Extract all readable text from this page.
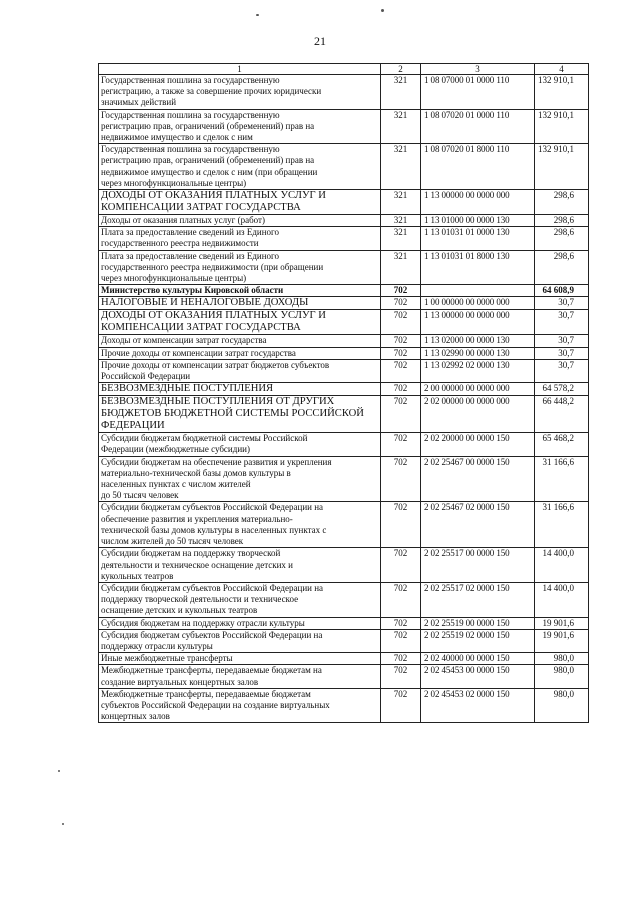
21
1	2	3	4
Государственная пошлина за государственную
регистрацию, а также за совершение прочих юридически
значимых действий	321	1 08 07000 01 0000 110	132 910,1
Государственная пошлина за государственную
регистрацию прав, ограничений (обременений) прав на
недвижимое имущество и сделок с ним	321	1 08 07020 01 0000 110	132 910,1
Государственная пошлина за государственную
регистрацию прав, ограничений (обременений) прав на
недвижимое имущество и сделок с ним (при обращении
через многофункциональные центры)	321	1 08 07020 01 8000 110	132 910,1
ДОХОДЫ ОТ ОКАЗАНИЯ ПЛАТНЫХ УСЛУГ И
КОМПЕНСАЦИИ ЗАТРАТ ГОСУДАРСТВА	321	1 13 00000 00 0000 000	298,6
Доходы от оказания платных услуг (работ)	321	1 13 01000 00 0000 130	298,6
Плата за предоставление сведений из Единого
государственного реестра недвижимости	321	1 13 01031 01 0000 130	298,6
Плата за предоставление сведений из Единого
государственного реестра недвижимости (при обращении
через многофункциональные центры)	321	1 13 01031 01 8000 130	298,6
Министерство культуры Кировской области	702		64 608,9
НАЛОГОВЫЕ И НЕНАЛОГОВЫЕ ДОХОДЫ	702	1 00 00000 00 0000 000	30,7
ДОХОДЫ ОТ ОКАЗАНИЯ ПЛАТНЫХ УСЛУГ И
КОМПЕНСАЦИИ ЗАТРАТ ГОСУДАРСТВА	702	1 13 00000 00 0000 000	30,7
Доходы от компенсации затрат государства	702	1 13 02000 00 0000 130	30,7
Прочие доходы от компенсации затрат государства	702	1 13 02990 00 0000 130	30,7
Прочие доходы от компенсации затрат бюджетов субъектов
Российской Федерации	702	1 13 02992 02 0000 130	30,7
БЕЗВОЗМЕЗДНЫЕ ПОСТУПЛЕНИЯ	702	2 00 00000 00 0000 000	64 578,2
БЕЗВОЗМЕЗДНЫЕ ПОСТУПЛЕНИЯ ОТ ДРУГИХ
БЮДЖЕТОВ БЮДЖЕТНОЙ СИСТЕМЫ РОССИЙСКОЙ
ФЕДЕРАЦИИ	702	2 02 00000 00 0000 000	66 448,2
Субсидии бюджетам бюджетной системы Российской
Федерации (межбюджетные субсидии)	702	2 02 20000 00 0000 150	65 468,2
Субсидии бюджетам на обеспечение развития и укрепления
материально-технической базы домов культуры в
населенных пунктах с числом жителей
до 50 тысяч человек	702	2 02 25467 00 0000 150	31 166,6
Субсидии бюджетам субъектов Российской Федерации на
обеспечение развития и укрепления материально-
технической базы домов культуры в населенных пунктах с
числом жителей до 50 тысяч человек	702	2 02 25467 02 0000 150	31 166,6
Субсидии бюджетам на поддержку творческой
деятельности и техническое оснащение детских и
кукольных театров	702	2 02 25517 00 0000 150	14 400,0
Субсидии бюджетам субъектов Российской Федерации на
поддержку творческой деятельности и техническое
оснащение детских и кукольных театров	702	2 02 25517 02 0000 150	14 400,0
Субсидия бюджетам на поддержку отрасли культуры	702	2 02 25519 00 0000 150	19 901,6
Субсидия бюджетам субъектов Российской Федерации на
поддержку отрасли культуры	702	2 02 25519 02 0000 150	19 901,6
Иные межбюджетные трансферты	702	2 02 40000 00 0000 150	980,0
Межбюджетные трансферты, передаваемые бюджетам на
создание виртуальных концертных залов	702	2 02 45453 00 0000 150	980,0
Межбюджетные трансферты, передаваемые бюджетам
субъектов Российской Федерации на создание виртуальных
концертных залов	702	2 02 45453 02 0000 150	980,0
